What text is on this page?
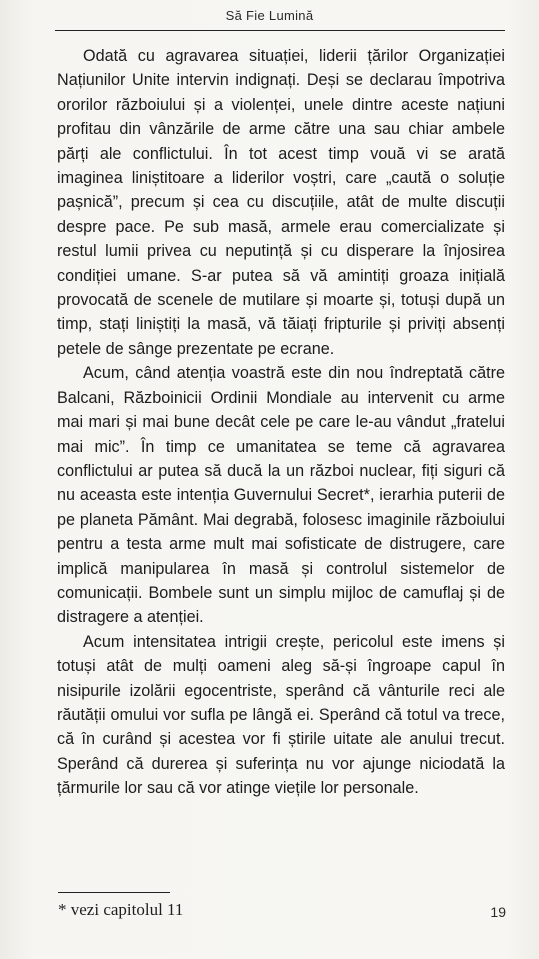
Să Fie Lumină

Odată cu agravarea situației, liderii țărilor Organizației Națiunilor Unite intervin indignați. Deși se declarau împotriva ororilor războiului și a violenței, unele dintre aceste națiuni profitau din vânzările de arme către una sau chiar ambele părți ale conflictului. În tot acest timp vouă vi se arată imaginea liniștitoare a liderilor voștri, care „caută o soluție pașnică”, precum și cea cu discuțiile, atât de multe discuții despre pace. Pe sub masă, armele erau comercializate și restul lumii privea cu neputință și cu disperare la înjosirea condiției umane. S-ar putea să vă amintiți groaza inițială provocată de scenele de mutilare și moarte și, totuși după un timp, stați liniștiți la masă, vă tăiați fripturile și priviți absenți petele de sânge prezentate pe ecrane.

Acum, când atenția voastră este din nou îndreptată către Balcani, Războinicii Ordinii Mondiale au intervenit cu arme mai mari și mai bune decât cele pe care le-au vândut „fratelui mai mic”. În timp ce umanitatea se teme că agravarea conflictului ar putea să ducă la un război nuclear, fiți siguri că nu aceasta este intenția Guvernului Secret*, ierarhia puterii de pe planeta Pământ. Mai degrabă, folosesc imaginile războiului pentru a testa arme mult mai sofisticate de distrugere, care implică manipularea în masă și controlul sistemelor de comunicații. Bombele sunt un simplu mijloc de camuflaj și de distragere a atenției.

Acum intensitatea intrigii crește, pericolul este imens și totuși atât de mulți oameni aleg să-și îngroape capul în nisipurile izolării egocentriste, sperând că vânturile reci ale răutății omului vor sufla pe lângă ei. Sperând că totul va trece, că în curând și acestea vor fi știrile uitate ale anului trecut. Sperând că durerea și suferința nu vor ajunge niciodată la țărmurile lor sau că vor atinge viețile lor personale.

* vezi capitolul 11	19
